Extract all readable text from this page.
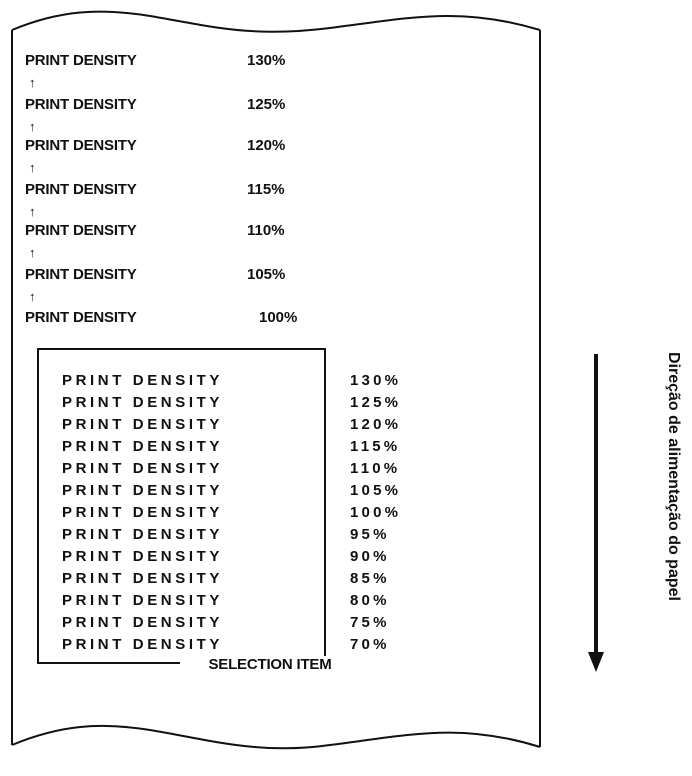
PRINT DENSITY	130%
↑
PRINT DENSITY	125%
↑
PRINT DENSITY	120%
↑
PRINT DENSITY	115%
↑
PRINT DENSITY	110%
↑
PRINT DENSITY	105%
↑
PRINT DENSITY	100%
PRINT DENSITY	130%
PRINT DENSITY	125%
PRINT DENSITY	120%
PRINT DENSITY	115%
PRINT DENSITY	110%
PRINT DENSITY	105%
PRINT DENSITY	100%
PRINT DENSITY	95%
PRINT DENSITY	90%
PRINT DENSITY	85%
PRINT DENSITY	80%
PRINT DENSITY	75%
PRINT DENSITY	70%
SELECTION ITEM
Direção de alimentação do papel
